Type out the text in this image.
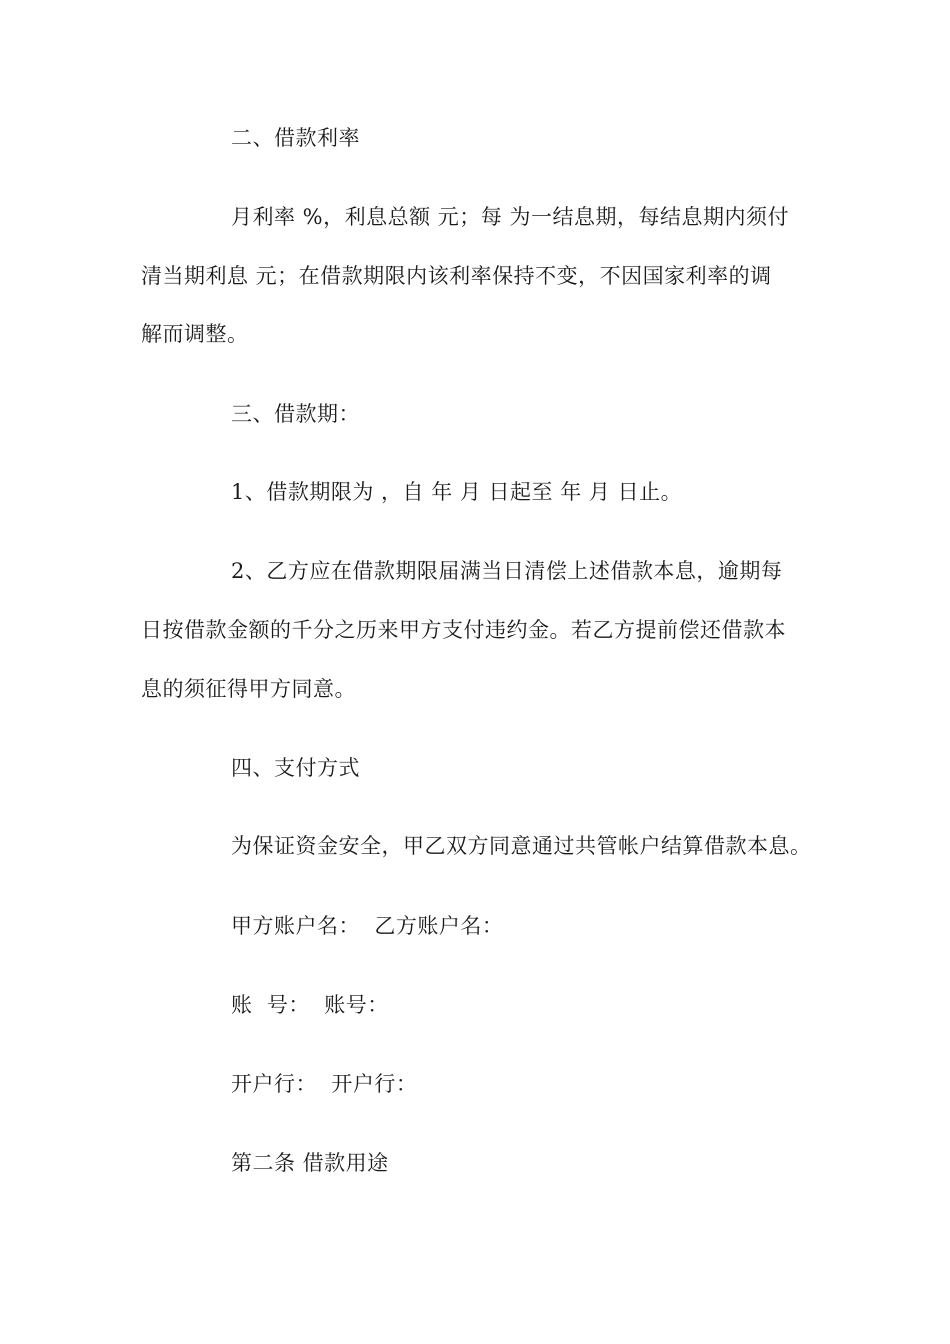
二、借款利率
月利率 %，利息总额 元；每 为一结息期，每结息期内须付
清当期利息 元；在借款期限内该利率保持不变，不因国家利率的调
解而调整。
三、借款期：
1、借款期限为 ，自 年 月 日起至 年 月 日止。
2、乙方应在借款期限届满当日清偿上述借款本息，逾期每
日按借款金额的千分之历来甲方支付违约金。若乙方提前偿还借款本
息的须征得甲方同意。
四、支付方式
为保证资金安全，甲乙双方同意通过共管帐户结算借款本息。
甲方账户名：  乙方账户名：
账  号：  账号：
开户行：  开户行：
第二条 借款用途
